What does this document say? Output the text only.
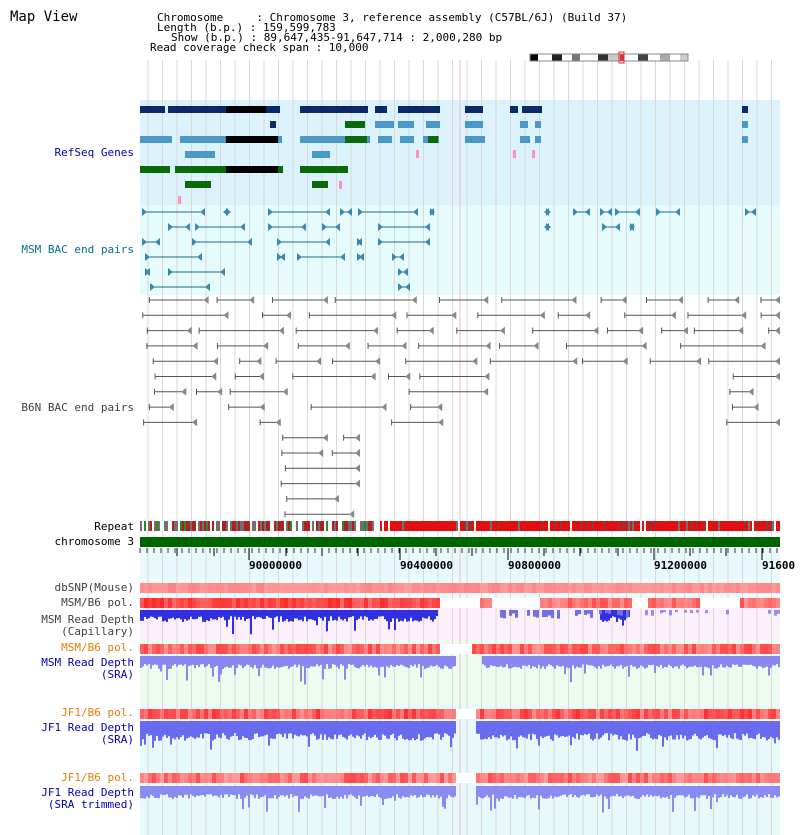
Map View	Chromosome     : Chromosome 3, reference assembly (C57BL/6J) (Build 37)
Length (b.p.) : 159,599,783
Show (b.p.) : 89,647,435-91,647,714 : 2,000,280 bp
Read coverage check span : 10,000
90000000	90400000	90800000	91200000	91600
RefSeq Genes
MSM BAC end pairs
B6N BAC end pairs
Repeat
chromosome 3
dbSNP(Mouse)
MSM/B6 pol.
MSM Read Depth
(Capillary)
MSM/B6 pol.
MSM Read Depth
(SRA)
JF1/B6 pol.
JF1 Read Depth
(SRA)
JF1/B6 pol.
JF1 Read Depth
(SRA trimmed)
